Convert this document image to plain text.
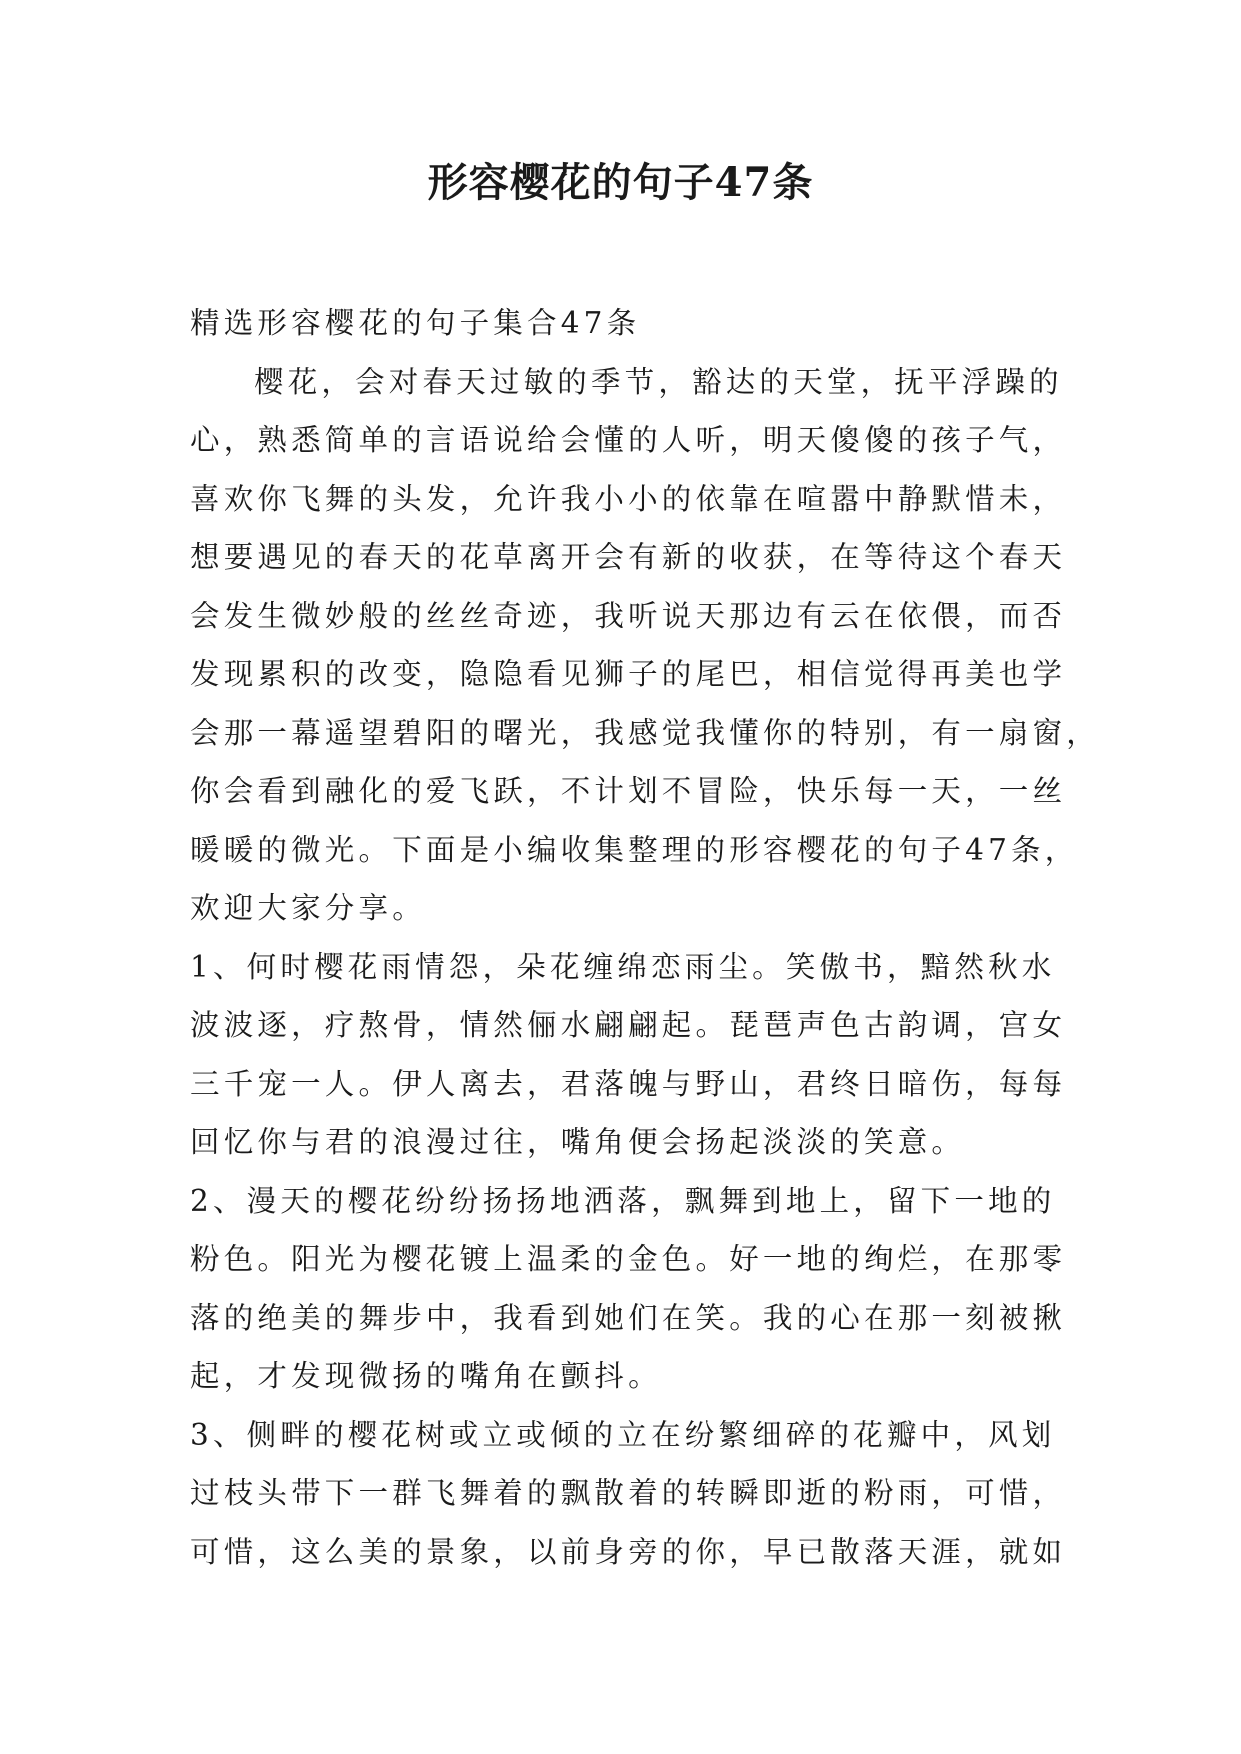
形容樱花的句子47条

精选形容樱花的句子集合47条

樱花，会对春天过敏的季节，豁达的天堂，抚平浮躁的

心，熟悉简单的言语说给会懂的人听，明天傻傻的孩子气，

喜欢你飞舞的头发，允许我小小的依靠在喧嚣中静默惜未，

想要遇见的春天的花草离开会有新的收获，在等待这个春天

会发生微妙般的丝丝奇迹，我听说天那边有云在依偎，而否

发现累积的改变，隐隐看见狮子的尾巴，相信觉得再美也学

会那一幕遥望碧阳的曙光，我感觉我懂你的特别，有一扇窗，

你会看到融化的爱飞跃，不计划不冒险，快乐每一天，一丝

暖暖的微光。下面是小编收集整理的形容樱花的句子47条，

欢迎大家分享。

1、何时樱花雨情怨，朵花缠绵恋雨尘。笑傲书，黯然秋水

波波逐，疗熬骨，情然俪水翩翩起。琵琶声色古韵调，宫女

三千宠一人。伊人离去，君落魄与野山，君终日暗伤，每每

回忆你与君的浪漫过往，嘴角便会扬起淡淡的笑意。

2、漫天的樱花纷纷扬扬地洒落，飘舞到地上，留下一地的

粉色。阳光为樱花镀上温柔的金色。好一地的绚烂，在那零

落的绝美的舞步中，我看到她们在笑。我的心在那一刻被揪

起，才发现微扬的嘴角在颤抖。

3、侧畔的樱花树或立或倾的立在纷繁细碎的花瓣中，风划

过枝头带下一群飞舞着的飘散着的转瞬即逝的粉雨，可惜，

可惜，这么美的景象，以前身旁的你，早已散落天涯，就如
